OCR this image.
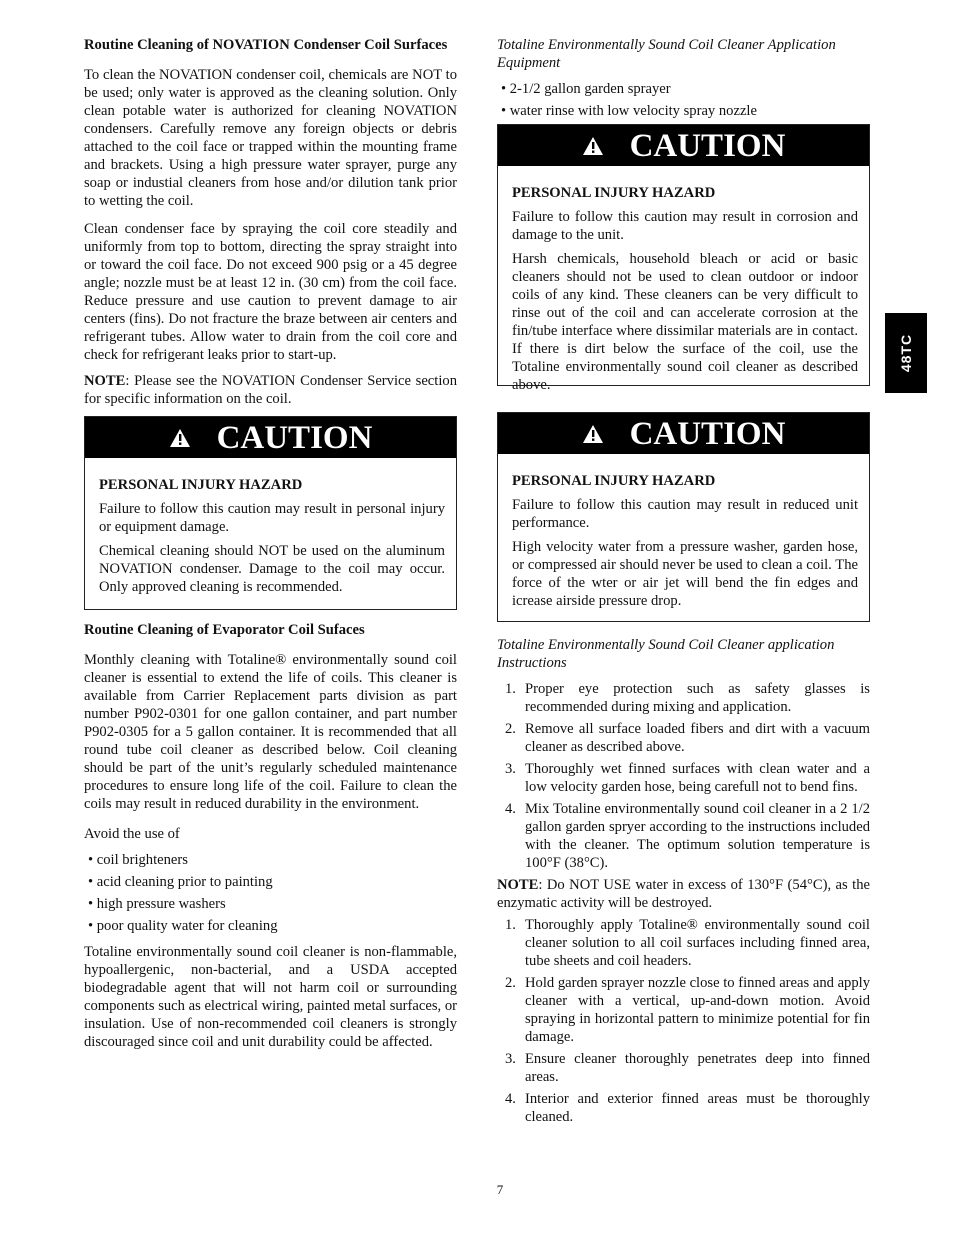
Routine Cleaning of NOVATION Condenser Coil Surfaces

To clean the NOVATION condenser coil, chemicals are NOT to be used; only water is approved as the cleaning solution. Only clean potable water is authorized for cleaning NOVATION condensers. Carefully remove any foreign objects or debris attached to the coil face or trapped within the mounting frame and brackets. Using a high pressure water sprayer, purge any soap or industial cleaners from hose and/or dilution tank prior to wetting the coil.

Clean condenser face by spraying the coil core steadily and uniformly from top to bottom, directing the spray straight into or toward the coil face. Do not exceed 900 psig or a 45 degree angle; nozzle must be at least 12 in. (30 cm) from the coil face. Reduce pressure and use caution to prevent damage to air centers (fins). Do not fracture the braze between air centers and refrigerant tubes. Allow water to drain from the coil core and check for refrigerant leaks prior to start-up.

NOTE: Please see the NOVATION Condenser Service section for specific information on the coil.

CAUTION
PERSONAL INJURY HAZARD

Failure to follow this caution may result in personal injury or equipment damage.

Chemical cleaning should NOT be used on the aluminum NOVATION condenser. Damage to the coil may occur. Only approved cleaning is recommended.

Routine Cleaning of Evaporator Coil Sufaces

Monthly cleaning with Totaline® environmentally sound coil cleaner is essential to extend the life of coils. This cleaner is available from Carrier Replacement parts division as part number P902-0301 for one gallon container, and part number P902-0305 for a 5 gallon container. It is recommended that all round tube coil cleaner as described below. Coil cleaning should be part of the unit’s regularly scheduled maintenance procedures to ensure long life of the coil. Failure to clean the coils may result in reduced durability in the environment.

Avoid the use of

• coil brighteners
• acid cleaning prior to painting
• high pressure washers
• poor quality water for cleaning

Totaline environmentally sound coil cleaner is non-flammable, hypoallergenic, non-bacterial, and a USDA accepted biodegradable agent that will not harm coil or surrounding components such as electrical wiring, painted metal surfaces, or insulation. Use of non-recommended coil cleaners is strongly discouraged since coil and unit durability could be affected.

Totaline Environmentally Sound Coil Cleaner Application Equipment
• 2-1/2 gallon garden sprayer
• water rinse with low velocity spray nozzle
CAUTION
PERSONAL INJURY HAZARD

Failure to follow this caution may result in corrosion and damage to the unit.

Harsh chemicals, household bleach or acid or basic cleaners should not be used to clean outdoor or indoor coils of any kind. These cleaners can be very difficult to rinse out of the coil and can accelerate corrosion at the fin/tube interface where dissimilar materials are in contact. If there is dirt below the surface of the coil, use the Totaline environmentally sound coil cleaner as described above.

CAUTION
PERSONAL INJURY HAZARD

Failure to follow this caution may result in reduced unit performance.

High velocity water from a pressure washer, garden hose, or compressed air should never be used to clean a coil. The force of the wter or air jet will bend the fin edges and icrease airside pressure drop.

Totaline Environmentally Sound Coil Cleaner application Instructions
1. Proper eye protection such as safety glasses is recommended during mixing and application.
2. Remove all surface loaded fibers and dirt with a vacuum cleaner as described above.
3. Thoroughly wet finned surfaces with clean water and a low velocity garden hose, being carefull not to bend fins.
4. Mix Totaline environmentally sound coil cleaner in a 2 1/2 gallon garden spryer according to the instructions included with the cleaner. The optimum solution temperature is 100°F (38°C).

NOTE: Do NOT USE water in excess of 130°F (54°C), as the enzymatic activity will be destroyed.

1. Thoroughly apply Totaline® environmentally sound coil cleaner solution to all coil surfaces including finned area, tube sheets and coil headers.
2. Hold garden sprayer nozzle close to finned areas and apply cleaner with a vertical, up-and-down motion. Avoid spraying in horizontal pattern to minimize potential for fin damage.
3. Ensure cleaner thoroughly penetrates deep into finned areas.
4. Interior and exterior finned areas must be thoroughly cleaned.
48TC
7
